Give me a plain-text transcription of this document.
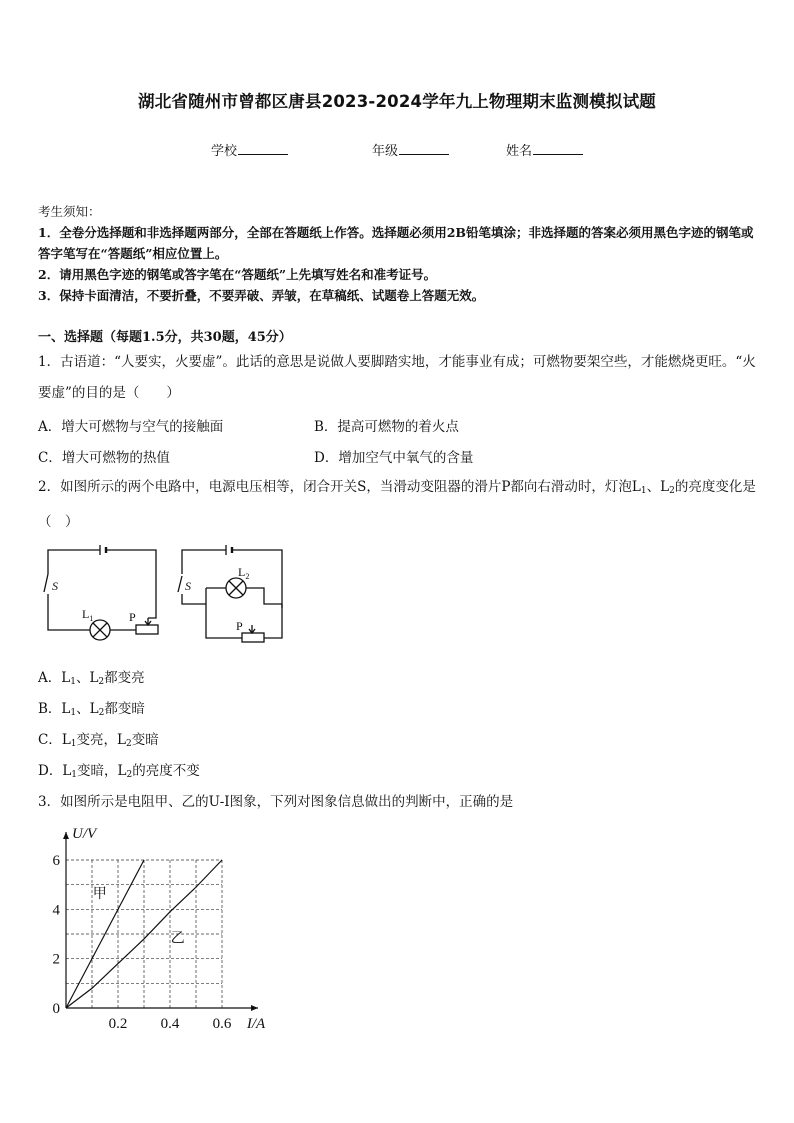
湖北省随州市曾都区唐县2023-2024学年九上物理期末监测模拟试题
学校	年级	姓名
考生须知：
1．全卷分选择题和非选择题两部分，全部在答题纸上作答。选择题必须用2B铅笔填涂；非选择题的答案必须用黑色字迹的钢笔或答字笔写在“答题纸”相应位置上。
2．请用黑色字迹的钢笔或答字笔在“答题纸”上先填写姓名和准考证号。
3．保持卡面清洁，不要折叠，不要弄破、弄皱，在草稿纸、试题卷上答题无效。
一、选择题（每题1.5分，共30题，45分）
1．古语道：“人要实，火要虚”。此话的意思是说做人要脚踏实地，才能事业有成；可燃物要架空些，才能燃烧更旺。“火要虚”的目的是（　　）
A．增大可燃物与空气的接触面	B．提高可燃物的着火点
C．增大可燃物的热值	D．增加空气中氧气的含量
2．如图所示的两个电路中，电源电压相等，闭合开关S，当滑动变阻器的滑片P都向右滑动时，灯泡$L_1$、$L_2$的亮度变化是（　）
S	S
$L_1$
$L_2$
P
P
A．$L_1$、$L_2$都变亮
B．$L_1$、$L_2$都变暗
C．$L_1$变亮，$L_2$变暗
D．$L_1$变暗，$L_2$的亮度不变
3．如图所示是电阻甲、乙的U-I图象，下列对图象信息做出的判断中，正确的是
0.2 0.4 0.6
0
2
4
6
I/A
U/V
甲
乙
